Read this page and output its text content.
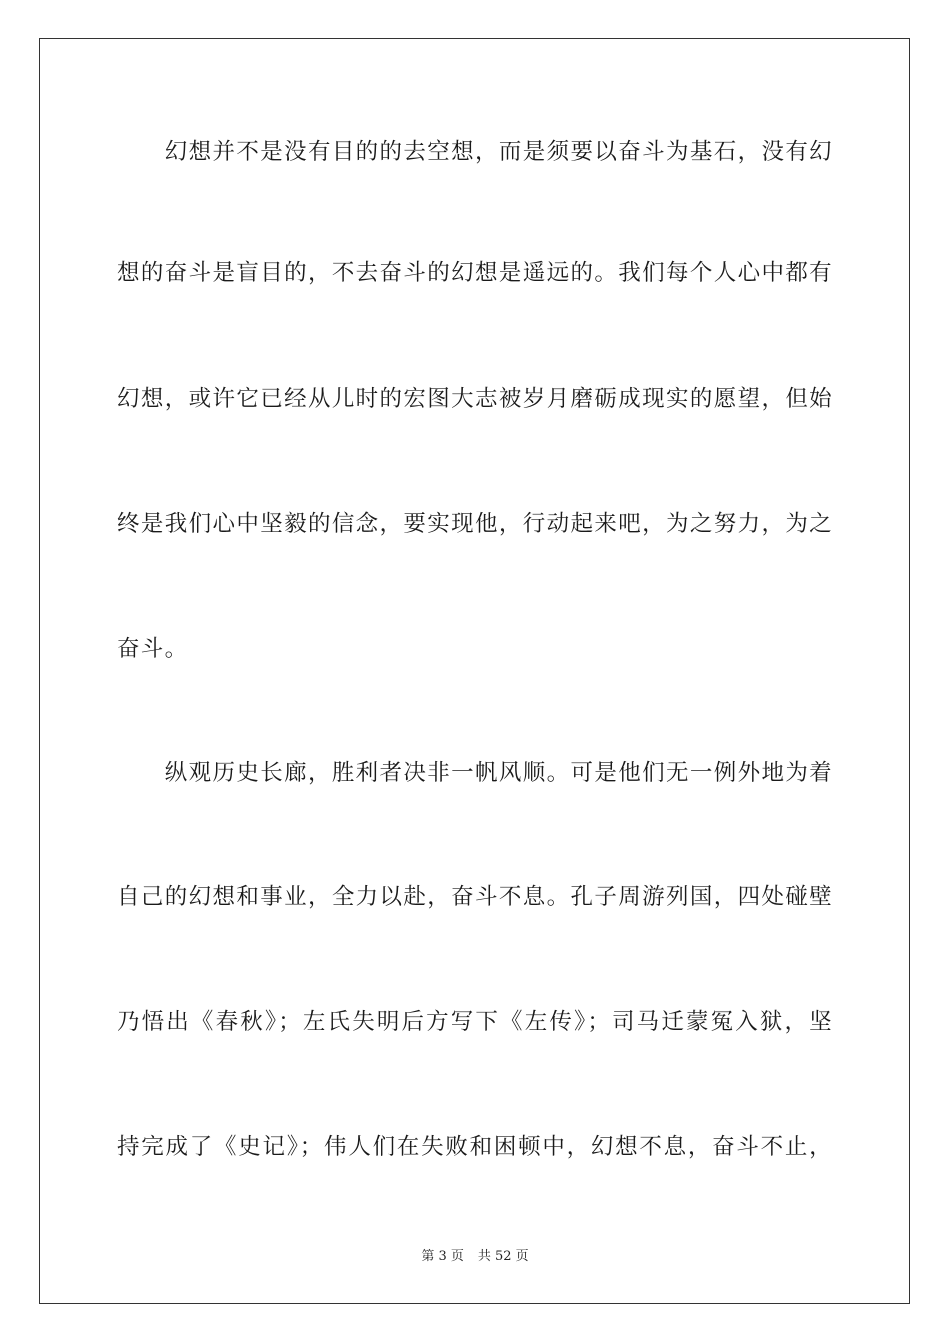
　　幻想并不是没有目的的去空想，而是须要以奋斗为基石，没有幻
想的奋斗是盲目的，不去奋斗的幻想是遥远的。我们每个人心中都有
幻想，或许它已经从儿时的宏图大志被岁月磨砺成现实的愿望，但始
终是我们心中坚毅的信念，要实现他，行动起来吧，为之努力，为之
奋斗。
　　纵观历史长廊，胜利者决非一帆风顺。可是他们无一例外地为着
自己的幻想和事业，全力以赴，奋斗不息。孔子周游列国，四处碰壁
乃悟出《春秋》；左氏失明后方写下《左传》；司马迁蒙冤入狱，坚
持完成了《史记》；伟人们在失败和困顿中，幻想不息，奋斗不止，
第 3 页 共 52 页
